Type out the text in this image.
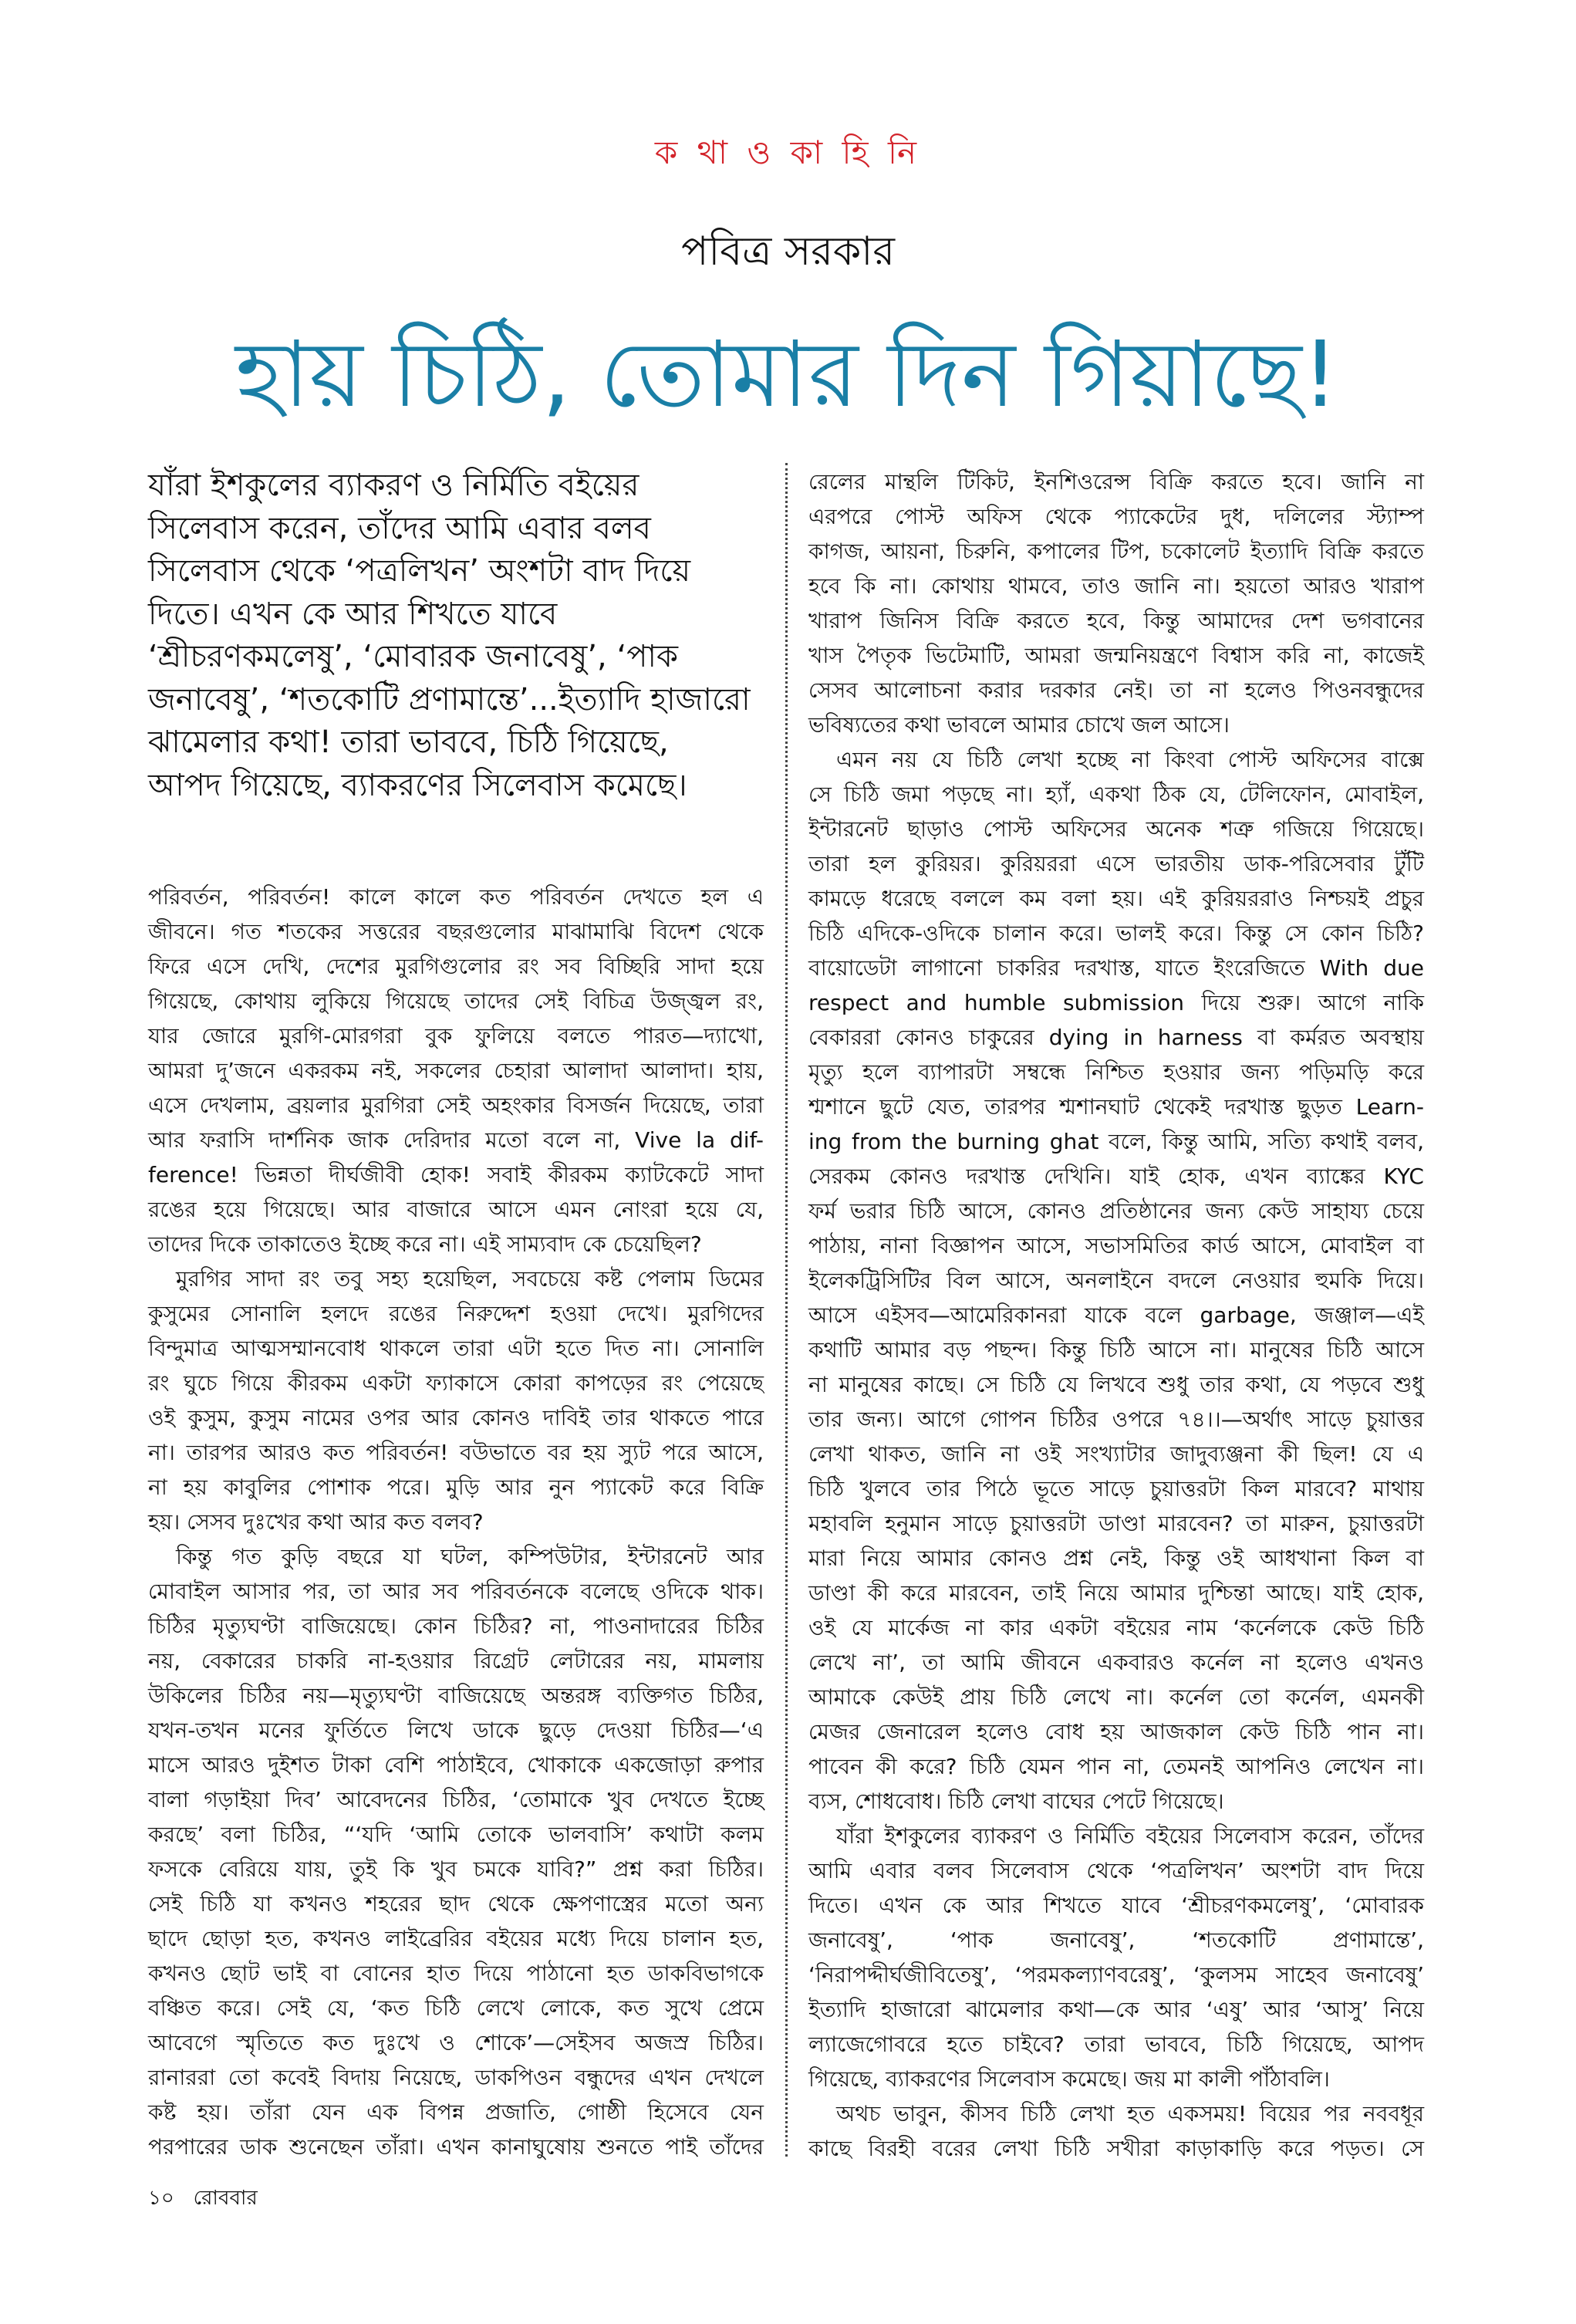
ক থা ও কা হি নি
পবিত্র সরকার
হায় চিঠি, তোমার দিন গিয়াছে!
যাঁরা ইশকুলের ব্যাকরণ ও নির্মিতি বইয়ের
সিলেবাস করেন, তাঁদের আমি এবার বলব
সিলেবাস থেকে ‘পত্রলিখন’ অংশটা বাদ দিয়ে
দিতে। এখন কে আর শিখতে যাবে
‘শ্রীচরণকমলেষু’, ‘মোবারক জনাবেষু’, ‘পাক
জনাবেষু’, ‘শতকোটি প্রণামান্তে’...ইত্যাদি হাজারো
ঝামেলার কথা! তারা ভাববে, চিঠি গিয়েছে,
আপদ গিয়েছে, ব্যাকরণের সিলেবাস কমেছে।
পরিবর্তন, পরিবর্তন! কালে কালে কত পরিবর্তন দেখতে হল এ
জীবনে। গত শতকের সত্তরের বছরগুলোর মাঝামাঝি বিদেশ থেকে
ফিরে এসে দেখি, দেশের মুরগিগুলোর রং সব বিচ্ছিরি সাদা হয়ে
গিয়েছে, কোথায় লুকিয়ে গিয়েছে তাদের সেই বিচিত্র উজ্জ্বল রং,
যার জোরে মুরগি-মোরগরা বুক ফুলিয়ে বলতে পারত—দ্যাখো,
আমরা দু’জনে একরকম নই, সকলের চেহারা আলাদা আলাদা। হায়,
এসে দেখলাম, ব্রয়লার মুরগিরা সেই অহংকার বিসর্জন দিয়েছে, তারা
আর ফরাসি দার্শনিক জাক দেরিদার মতো বলে না, Vive la dif-
ference! ভিন্নতা দীর্ঘজীবী হোক! সবাই কীরকম ক্যাটকেটে সাদা
রঙের হয়ে গিয়েছে। আর বাজারে আসে এমন নোংরা হয়ে যে,
তাদের দিকে তাকাতেও ইচ্ছে করে না। এই সাম্যবাদ কে চেয়েছিল?
মুরগির সাদা রং তবু সহ্য হয়েছিল, সবচেয়ে কষ্ট পেলাম ডিমের
কুসুমের সোনালি হলদে রঙের নিরুদ্দেশ হওয়া দেখে। মুরগিদের
বিন্দুমাত্র আত্মসম্মানবোধ থাকলে তারা এটা হতে দিত না। সোনালি
রং ঘুচে গিয়ে কীরকম একটা ফ্যাকাসে কোরা কাপড়ের রং পেয়েছে
ওই কুসুম, কুসুম নামের ওপর আর কোনও দাবিই তার থাকতে পারে
না। তারপর আরও কত পরিবর্তন! বউভাতে বর হয় স্যুট পরে আসে,
না হয় কাবুলির পোশাক পরে। মুড়ি আর নুন প্যাকেট করে বিক্রি
হয়। সেসব দুঃখের কথা আর কত বলব?
কিন্তু গত কুড়ি বছরে যা ঘটল, কম্পিউটার, ইন্টারনেট আর
মোবাইল আসার পর, তা আর সব পরিবর্তনকে বলেছে ওদিকে থাক।
চিঠির মৃত্যুঘণ্টা বাজিয়েছে। কোন চিঠির? না, পাওনাদারের চিঠির
নয়, বেকারের চাকরি না-হওয়ার রিগ্রেট লেটারের নয়, মামলায়
উকিলের চিঠির নয়—মৃত্যুঘণ্টা বাজিয়েছে অন্তরঙ্গ ব্যক্তিগত চিঠির,
যখন-তখন মনের ফুর্তিতে লিখে ডাকে ছুড়ে দেওয়া চিঠির—‘এ
মাসে আরও দুইশত টাকা বেশি পাঠাইবে, খোকাকে একজোড়া রুপার
বালা গড়াইয়া দিব’ আবেদনের চিঠির, ‘তোমাকে খুব দেখতে ইচ্ছে
করছে’ বলা চিঠির, “‘যদি ‘আমি তোকে ভালবাসি’ কথাটা কলম
ফসকে বেরিয়ে যায়, তুই কি খুব চমকে যাবি?” প্রশ্ন করা চিঠির।
সেই চিঠি যা কখনও শহরের ছাদ থেকে ক্ষেপণাস্ত্রের মতো অন্য
ছাদে ছোড়া হত, কখনও লাইব্রেরির বইয়ের মধ্যে দিয়ে চালান হত,
কখনও ছোট ভাই বা বোনের হাত দিয়ে পাঠানো হত ডাকবিভাগকে
বঞ্চিত করে। সেই যে, ‘কত চিঠি লেখে লোকে, কত সুখে প্রেমে
আবেগে স্মৃতিতে কত দুঃখে ও শোকে’—সেইসব অজস্র চিঠির।
রানাররা তো কবেই বিদায় নিয়েছে, ডাকপিওন বন্ধুদের এখন দেখলে
কষ্ট হয়। তাঁরা যেন এক বিপন্ন প্রজাতি, গোষ্ঠী হিসেবে যেন
পরপারের ডাক শুনেছেন তাঁরা। এখন কানাঘুষোয় শুনতে পাই তাঁদের
রেলের মান্থলি টিকিট, ইনশিওরেন্স বিক্রি করতে হবে। জানি না
এরপরে পোস্ট অফিস থেকে প্যাকেটের দুধ, দলিলের স্ট্যাম্প
কাগজ, আয়না, চিরুনি, কপালের টিপ, চকোলেট ইত্যাদি বিক্রি করতে
হবে কি না। কোথায় থামবে, তাও জানি না। হয়তো আরও খারাপ
খারাপ জিনিস বিক্রি করতে হবে, কিন্তু আমাদের দেশ ভগবানের
খাস পৈতৃক ভিটেমাটি, আমরা জন্মনিয়ন্ত্রণে বিশ্বাস করি না, কাজেই
সেসব আলোচনা করার দরকার নেই। তা না হলেও পিওনবন্ধুদের
ভবিষ্যতের কথা ভাবলে আমার চোখে জল আসে।
এমন নয় যে চিঠি লেখা হচ্ছে না কিংবা পোস্ট অফিসের বাক্সে
সে চিঠি জমা পড়ছে না। হ্যাঁ, একথা ঠিক যে, টেলিফোন, মোবাইল,
ইন্টারনেট ছাড়াও পোস্ট অফিসের অনেক শত্রু গজিয়ে গিয়েছে।
তারা হল কুরিয়র। কুরিয়ররা এসে ভারতীয় ডাক-পরিসেবার টুঁটি
কামড়ে ধরেছে বললে কম বলা হয়। এই কুরিয়ররাও নিশ্চয়ই প্রচুর
চিঠি এদিকে-ওদিকে চালান করে। ভালই করে। কিন্তু সে কোন চিঠি?
বায়োডেটা লাগানো চাকরির দরখাস্ত, যাতে ইংরেজিতে With due
respect and humble submission দিয়ে শুরু। আগে নাকি
বেকাররা কোনও চাকুরের dying in harness বা কর্মরত অবস্থায়
মৃত্যু হলে ব্যাপারটা সম্বন্ধে নিশ্চিত হওয়ার জন্য পড়িমড়ি করে
শ্মশানে ছুটে যেত, তারপর শ্মশানঘাট থেকেই দরখাস্ত ছুড়ত Learn-
ing from the burning ghat বলে, কিন্তু আমি, সত্যি কথাই বলব,
সেরকম কোনও দরখাস্ত দেখিনি। যাই হোক, এখন ব্যাঙ্কের KYC
ফর্ম ভরার চিঠি আসে, কোনও প্রতিষ্ঠানের জন্য কেউ সাহায্য চেয়ে
পাঠায়, নানা বিজ্ঞাপন আসে, সভাসমিতির কার্ড আসে, মোবাইল বা
ইলেকট্রিসিটির বিল আসে, অনলাইনে বদলে নেওয়ার হুমকি দিয়ে।
আসে এইসব—আমেরিকানরা যাকে বলে garbage, জঞ্জাল—এই
কথাটি আমার বড় পছন্দ। কিন্তু চিঠি আসে না। মানুষের চিঠি আসে
না মানুষের কাছে। সে চিঠি যে লিখবে শুধু তার কথা, যে পড়বে শুধু
তার জন্য। আগে গোপন চিঠির ওপরে ৭৪।।—অর্থাৎ সাড়ে চুয়াত্তর
লেখা থাকত, জানি না ওই সংখ্যাটার জাদুব্যঞ্জনা কী ছিল! যে এ
চিঠি খুলবে তার পিঠে ভূতে সাড়ে চুয়াত্তরটা কিল মারবে? মাথায়
মহাবলি হনুমান সাড়ে চুয়াত্তরটা ডাণ্ডা মারবেন? তা মারুন, চুয়াত্তরটা
মারা নিয়ে আমার কোনও প্রশ্ন নেই, কিন্তু ওই আধখানা কিল বা
ডাণ্ডা কী করে মারবেন, তাই নিয়ে আমার দুশ্চিন্তা আছে। যাই হোক,
ওই যে মার্কেজ না কার একটা বইয়ের নাম ‘কর্নেলকে কেউ চিঠি
লেখে না’, তা আমি জীবনে একবারও কর্নেল না হলেও এখনও
আমাকে কেউই প্রায় চিঠি লেখে না। কর্নেল তো কর্নেল, এমনকী
মেজর জেনারেল হলেও বোধ হয় আজকাল কেউ চিঠি পান না।
পাবেন কী করে? চিঠি যেমন পান না, তেমনই আপনিও লেখেন না।
ব্যস, শোধবোধ। চিঠি লেখা বাঘের পেটে গিয়েছে।
যাঁরা ইশকুলের ব্যাকরণ ও নির্মিতি বইয়ের সিলেবাস করেন, তাঁদের
আমি এবার বলব সিলেবাস থেকে ‘পত্রলিখন’ অংশটা বাদ দিয়ে
দিতে। এখন কে আর শিখতে যাবে ‘শ্রীচরণকমলেষু’, ‘মোবারক
জনাবেষু’, ‘পাক জনাবেষু’, ‘শতকোটি প্রণামান্তে’,
‘নিরাপদ্দীর্ঘজীবিতেষু’, ‘পরমকল্যাণবরেষু’, ‘কুলসম সাহেব জনাবেষু’
ইত্যাদি হাজারো ঝামেলার কথা—কে আর ‘এষু’ আর ‘আসু’ নিয়ে
ল্যাজেগোবরে হতে চাইবে? তারা ভাববে, চিঠি গিয়েছে, আপদ
গিয়েছে, ব্যাকরণের সিলেবাস কমেছে। জয় মা কালী পাঁঠাবলি।
অথচ ভাবুন, কীসব চিঠি লেখা হত একসময়! বিয়ের পর নববধূর
কাছে বিরহী বরের লেখা চিঠি সখীরা কাড়াকাড়ি করে পড়ত। সে
১০ রোববার
